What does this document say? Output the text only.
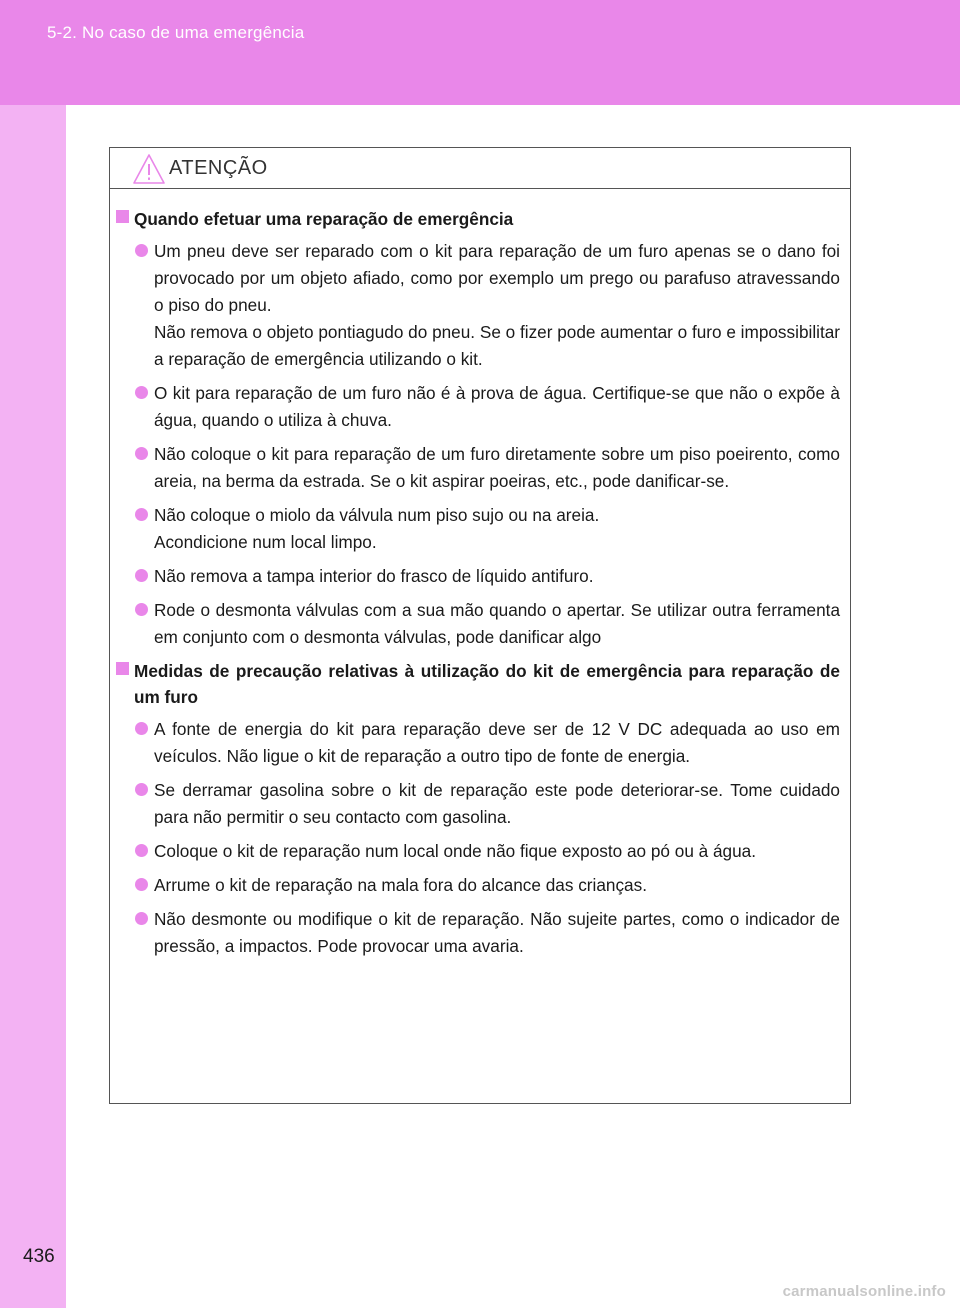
5-2. No caso de uma emergência
ATENÇÃO
Quando efetuar uma reparação de emergência
Um pneu deve ser reparado com o kit para reparação de um furo apenas se o dano foi provocado por um objeto afiado, como por exemplo um prego ou parafuso atravessando o piso do pneu.
Não remova o objeto pontiagudo do pneu. Se o fizer pode aumentar o furo e impossibilitar a reparação de emergência utilizando o kit.
O kit para reparação de um furo não é à prova de água. Certifique-se que não o expõe à água, quando o utiliza à chuva.
Não coloque o kit para reparação de um furo diretamente sobre um piso poeirento, como areia, na berma da estrada. Se o kit aspirar poeiras, etc., pode danificar-se.
Não coloque o miolo da válvula num piso sujo ou na areia.
Acondicione num local limpo.
Não remova a tampa interior do frasco de líquido antifuro.
Rode o desmonta válvulas com a sua mão quando o apertar. Se utilizar outra ferramenta em conjunto com o desmonta válvulas, pode danificar algo
Medidas de precaução relativas à utilização do kit de emergência para reparação de um furo
A fonte de energia do kit para reparação deve ser de 12 V DC adequada ao uso em veículos. Não ligue o kit de reparação a outro tipo de fonte de energia.
Se derramar gasolina sobre o kit de reparação este pode deteriorar-se. Tome cuidado para não permitir o seu contacto com gasolina.
Coloque o kit de reparação num local onde não fique exposto ao pó ou à água.
Arrume o kit de reparação na mala fora do alcance das crianças.
Não desmonte ou modifique o kit de reparação. Não sujeite partes, como o indicador de pressão, a impactos. Pode provocar uma avaria.
436
carmanualsonline.info
